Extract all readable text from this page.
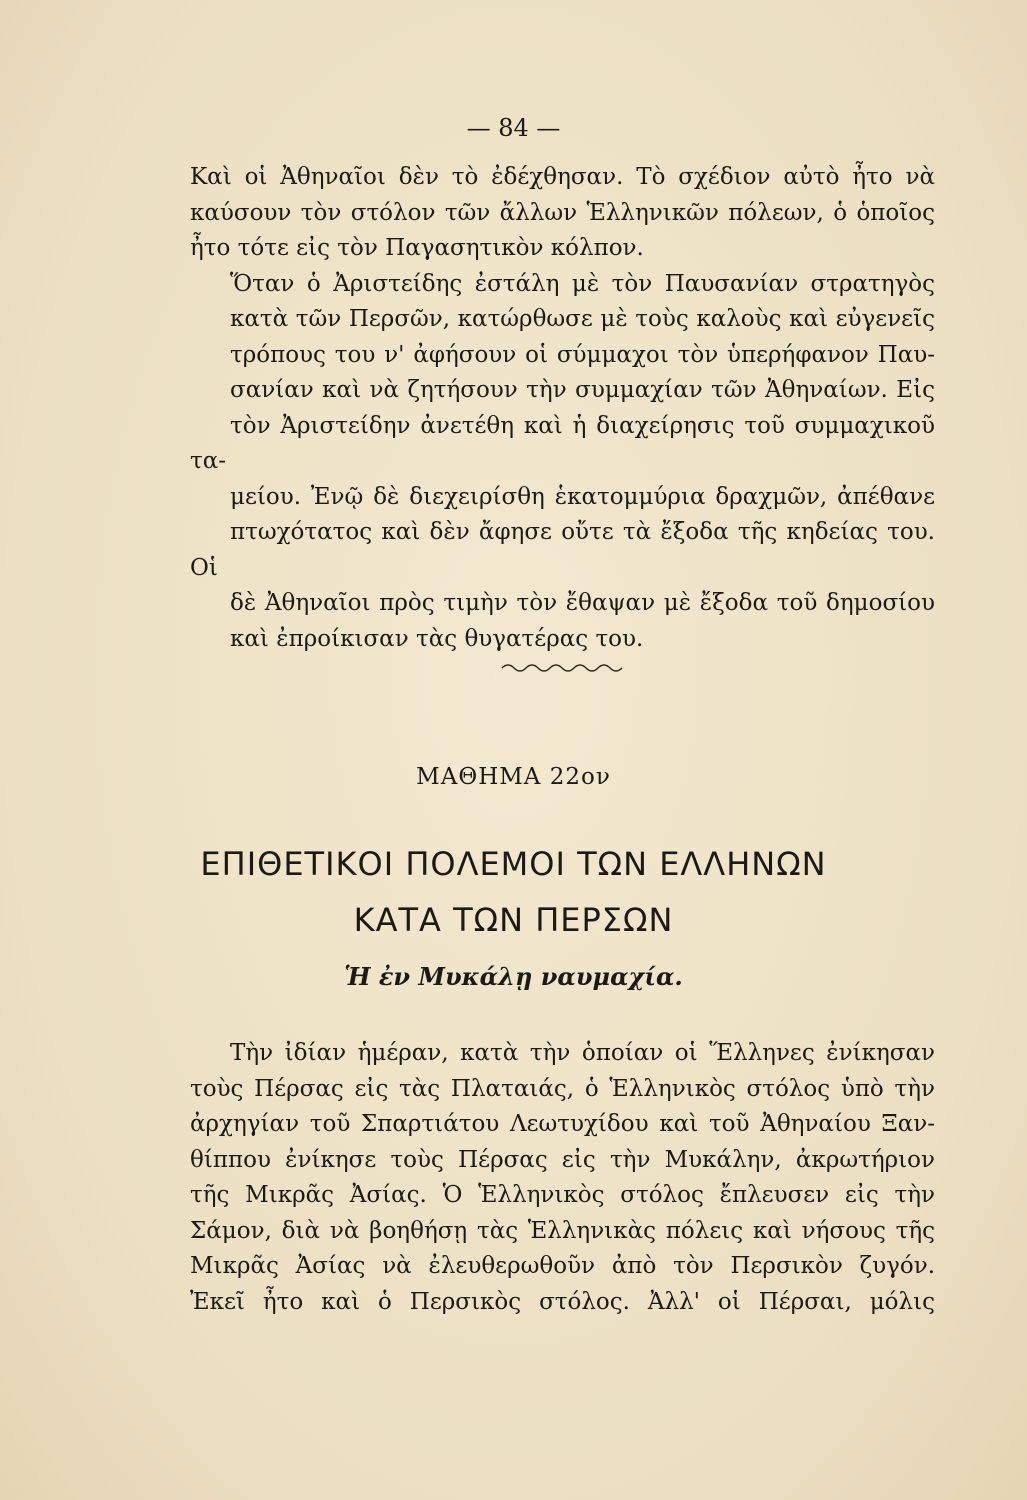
— 84 —

Καὶ οἱ Ἀθηναῖοι δὲν τὸ ἐδέχθησαν. Τὸ σχέδιον αὐτὸ ἦτο νὰ
καύσουν τὸν στόλον τῶν ἄλλων Ἑλληνικῶν πόλεων, ὁ ὁποῖος
ἦτο τότε εἰς τὸν Παγασητικὸν κόλπον.

Ὅταν ὁ Ἀριστείδης ἐστάλη μὲ τὸν Παυσανίαν στρατηγὸς
κατὰ τῶν Περσῶν, κατώρθωσε μὲ τοὺς καλοὺς καὶ εὐγενεῖς
τρόπους του ν' ἀφήσουν οἱ σύμμαχοι τὸν ὑπερήφανον Παυ-
σανίαν καὶ νὰ ζητήσουν τὴν συμμαχίαν τῶν Ἀθηναίων. Εἰς
τὸν Ἀριστείδην ἀνετέθη καὶ ἡ διαχείρησις τοῦ συμμαχικοῦ τα-
μείου. Ἐνῷ δὲ διεχειρίσθη ἑκατομμύρια δραχμῶν, ἀπέθανε
πτωχότατος καὶ δὲν ἄφησε οὔτε τὰ ἔξοδα τῆς κηδείας του. Οἱ
δὲ Ἀθηναῖοι πρὸς τιμὴν τὸν ἔθαψαν μὲ ἔξοδα τοῦ δημοσίου
καὶ ἐπροίκισαν τὰς θυγατέρας του.

ΜΑΘΗΜΑ 22ον
ΕΠΙΘΕΤΙΚΟΙ ΠΟΛΕΜΟΙ ΤΩΝ ΕΛΛΗΝΩΝ
ΚΑΤΑ ΤΩΝ ΠΕΡΣΩΝ
Ἡ ἐν Μυκάλῃ ναυμαχία.

Τὴν ἰδίαν ἡμέραν, κατὰ τὴν ὁποίαν οἱ Ἕλληνες ἐνίκησαν
τοὺς Πέρσας εἰς τὰς Πλαταιάς, ὁ Ἑλληνικὸς στόλος ὑπὸ τὴν
ἀρχηγίαν τοῦ Σπαρτιάτου Λεωτυχίδου καὶ τοῦ Ἀθηναίου Ξαν-
θίππου ἐνίκησε τοὺς Πέρσας εἰς τὴν Μυκάλην, ἀκρωτήριον
τῆς Μικρᾶς Ἀσίας. Ὁ Ἑλληνικὸς στόλος ἔπλευσεν εἰς τὴν
Σάμον, διὰ νὰ βοηθήσῃ τὰς Ἑλληνικὰς πόλεις καὶ νήσους τῆς
Μικρᾶς Ἀσίας νὰ ἐλευθερωθοῦν ἀπὸ τὸν Περσικὸν ζυγόν.
Ἐκεῖ ἦτο καὶ ὁ Περσικὸς στόλος. Ἀλλ' οἱ Πέρσαι, μόλις
